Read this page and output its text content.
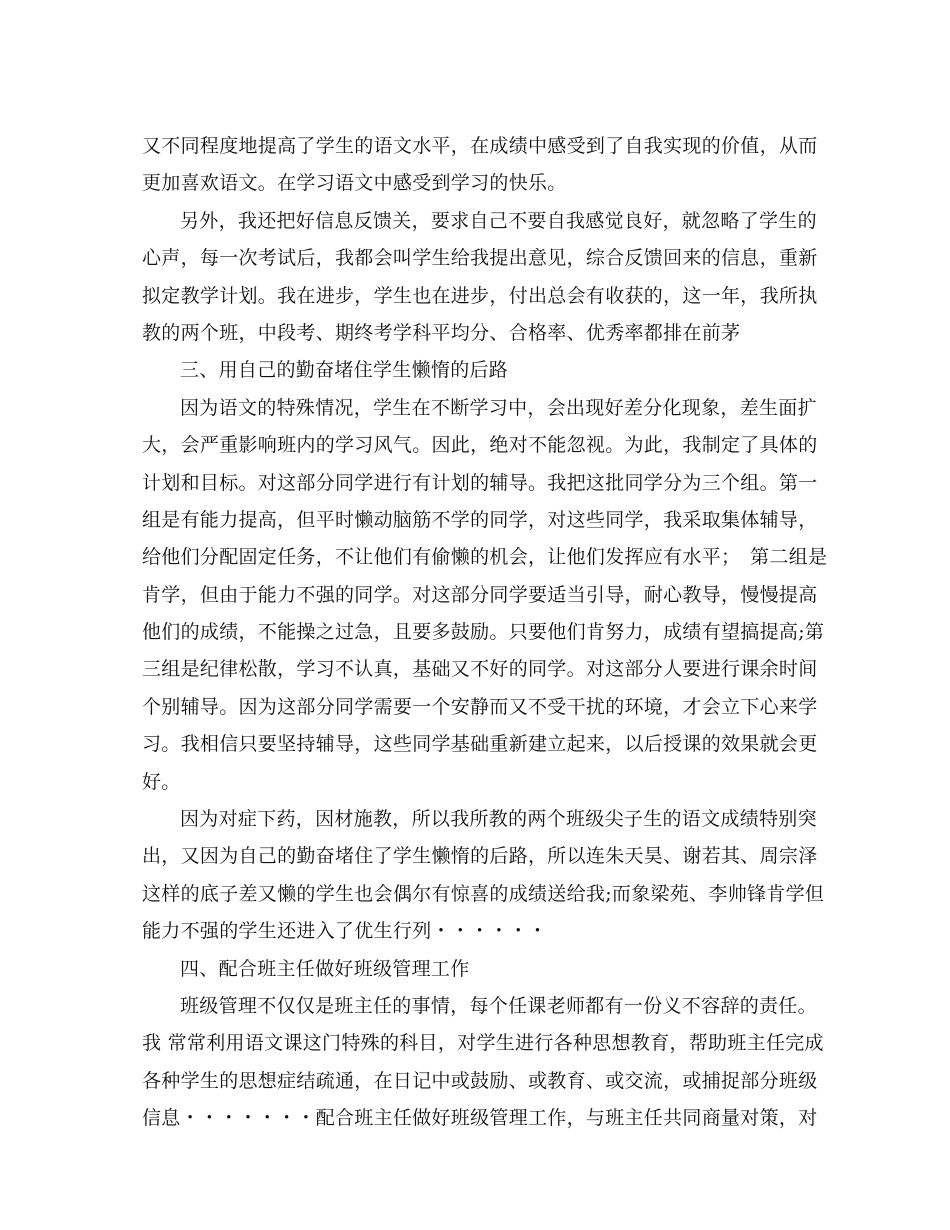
又不同程度地提高了学生的语文水平，在成绩中感受到了自我实现的价值，从而
更加喜欢语文。在学习语文中感受到学习的快乐。
另外，我还把好信息反馈关，要求自己不要自我感觉良好，就忽略了学生的
心声，每一次考试后，我都会叫学生给我提出意见，综合反馈回来的信息，重新
拟定教学计划。我在进步，学生也在进步，付出总会有收获的，这一年，我所执
教的两个班，中段考、期终考学科平均分、合格率、优秀率都排在前茅
三、用自己的勤奋堵住学生懒惰的后路
因为语文的特殊情况，学生在不断学习中，会出现好差分化现象，差生面扩
大，会严重影响班内的学习风气。因此，绝对不能忽视。为此，我制定了具体的
计划和目标。对这部分同学进行有计划的辅导。我把这批同学分为三个组。第一
组是有能力提高，但平时懒动脑筋不学的同学，对这些同学，我采取集体辅导，
给他们分配固定任务，不让他们有偷懒的机会，让他们发挥应有水平；　第二组是
肯学，但由于能力不强的同学。对这部分同学要适当引导，耐心教导，慢慢提高
他们的成绩，不能操之过急，且要多鼓励。只要他们肯努力，成绩有望搞提高;第
三组是纪律松散，学习不认真，基础又不好的同学。对这部分人要进行课余时间
个别辅导。因为这部分同学需要一个安静而又不受干扰的环境，才会立下心来学
习。我相信只要坚持辅导，这些同学基础重新建立起来，以后授课的效果就会更
好。
因为对症下药，因材施教，所以我所教的两个班级尖子生的语文成绩特别突
出，又因为自己的勤奋堵住了学生懒惰的后路，所以连朱天昊、谢若其、周宗泽
这样的底子差又懒的学生也会偶尔有惊喜的成绩送给我;而象梁苑、李帅锋肯学但
能力不强的学生还进入了优生行列・・・・・・
四、配合班主任做好班级管理工作
班级管理不仅仅是班主任的事情，每个任课老师都有一份义不容辞的责任。
我 常常利用语文课这门特殊的科目，对学生进行各种思想教育，帮助班主任完成
各种学生的思想症结疏通，在日记中或鼓励、或教育、或交流，或捕捉部分班级
信息・・・・・・・配合班主任做好班级管理工作，与班主任共同商量对策，对
